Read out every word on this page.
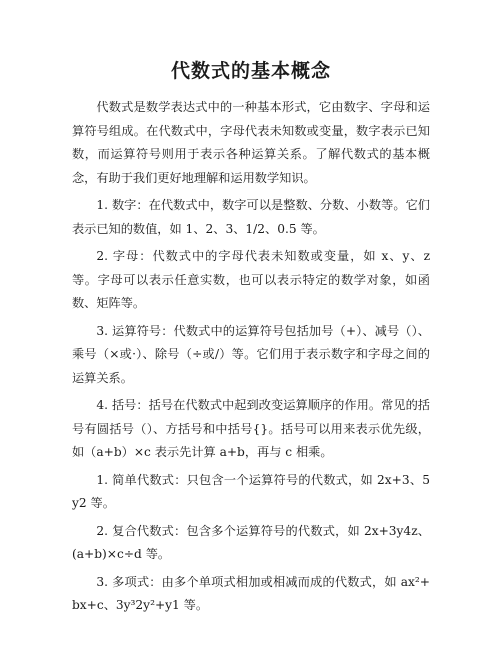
代数式的基本概念

代数式是数学表达式中的一种基本形式，它由数字、字母和运算符号组成。在代数式中，字母代表未知数或变量，数字表示已知数，而运算符号则用于表示各种运算关系。了解代数式的基本概念，有助于我们更好地理解和运用数学知识。

1. 数字：在代数式中，数字可以是整数、分数、小数等。它们表示已知的数值，如 1、2、3、1/2、0.5 等。

2. 字母：代数式中的字母代表未知数或变量，如 x、y、z 等。字母可以表示任意实数，也可以表示特定的数学对象，如函数、矩阵等。

3. 运算符号：代数式中的运算符号包括加号（+）、减号（）、乘号（×或·）、除号（÷或/）等。它们用于表示数字和字母之间的运算关系。

4. 括号：括号在代数式中起到改变运算顺序的作用。常见的括号有圆括号（）、方括号和中括号{}。括号可以用来表示优先级，如（a+b）×c 表示先计算 a+b，再与 c 相乘。

1. 简单代数式：只包含一个运算符号的代数式，如 2x+3、5y2 等。

2. 复合代数式：包含多个运算符号的代数式，如 2x+3y4z、(a+b)×c÷d 等。

3. 多项式：由多个单项式相加或相减而成的代数式，如 ax²+bx+c、3y³2y²+y1 等。
